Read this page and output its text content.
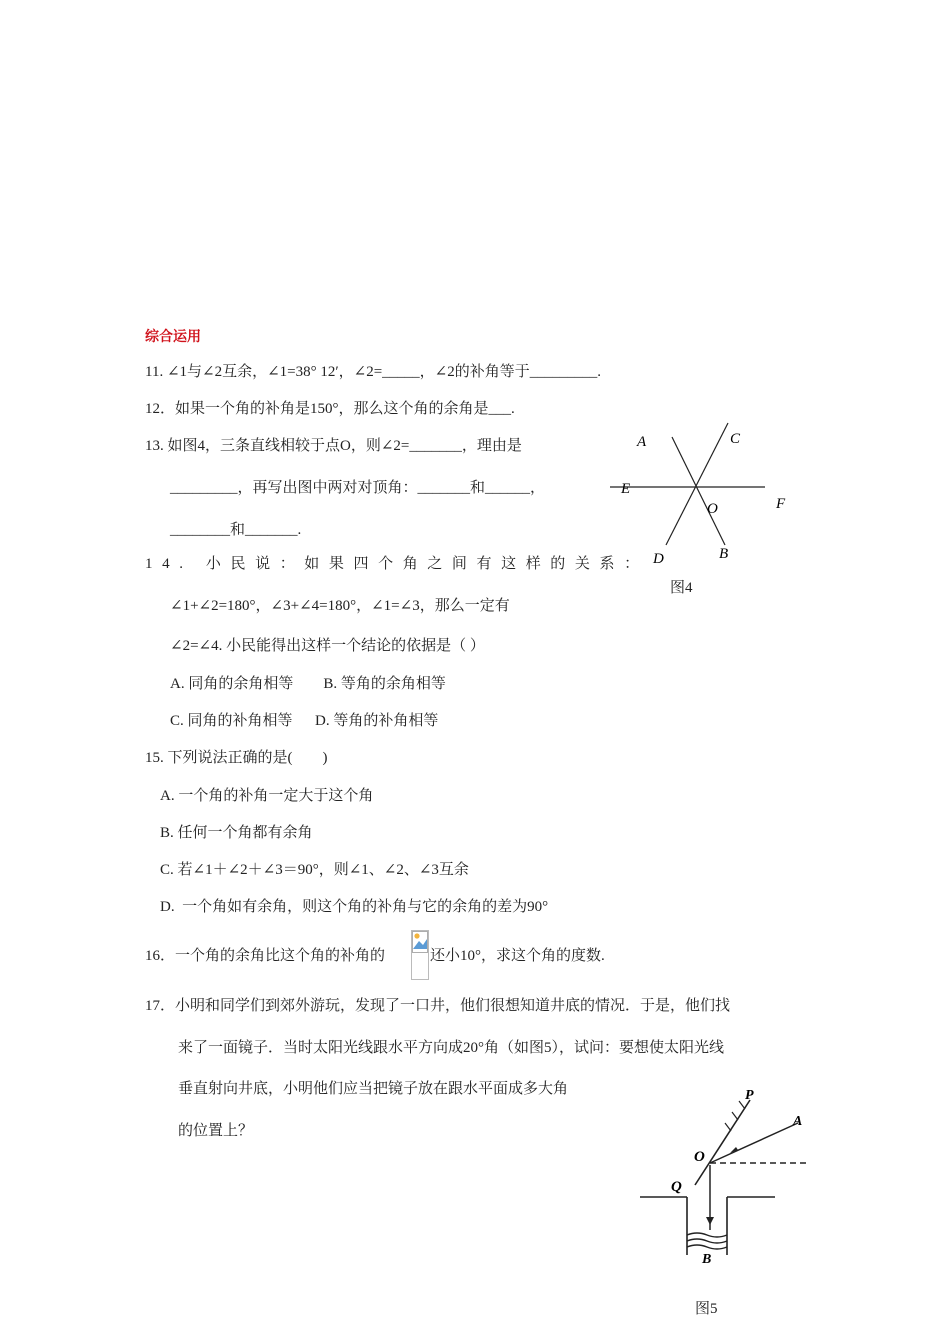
综合运用
11. ∠1与∠2互余，∠1=38° 12′，∠2=_____，∠2的补角等于_________.
12．如果一个角的补角是150°，那么这个角的余角是___.
13. 如图4，三条直线相较于点O，则∠2=_______，理由是
_________，再写出图中两对对顶角：_______和______，
________和_______.
14. 小民说：如果四个角之间有这样的关系：
∠1+∠2=180°，∠3+∠4=180°，∠1=∠3，那么一定有
∠2=∠4. 小民能得出这样一个结论的依据是（ ）
A. 同角的余角相等        B. 等角的余角相等
C. 同角的补角相等      D. 等角的补角相等
15. 下列说法正确的是(        )
A. 一个角的补角一定大于这个角
B. 任何一个角都有余角
C. 若∠1＋∠2＋∠3＝90°，则∠1、∠2、∠3互余
D.  一个角如有余角，则这个角的补角与它的余角的差为90°
16．一个角的余角比这个角的补角的	还小10°，求这个角的度数.
17．小明和同学们到郊外游玩，发现了一口井，他们很想知道井底的情况．于是，他们找
来了一面镜子．当时太阳光线跟水平方向成20°角（如图5），试问：要想使太阳光线
垂直射向井底，小明他们应当把镜子放在跟水平面成多大角
的位置上？
A	C
E
O	F
D	B
图4
P
A
O
Q
B
图5
